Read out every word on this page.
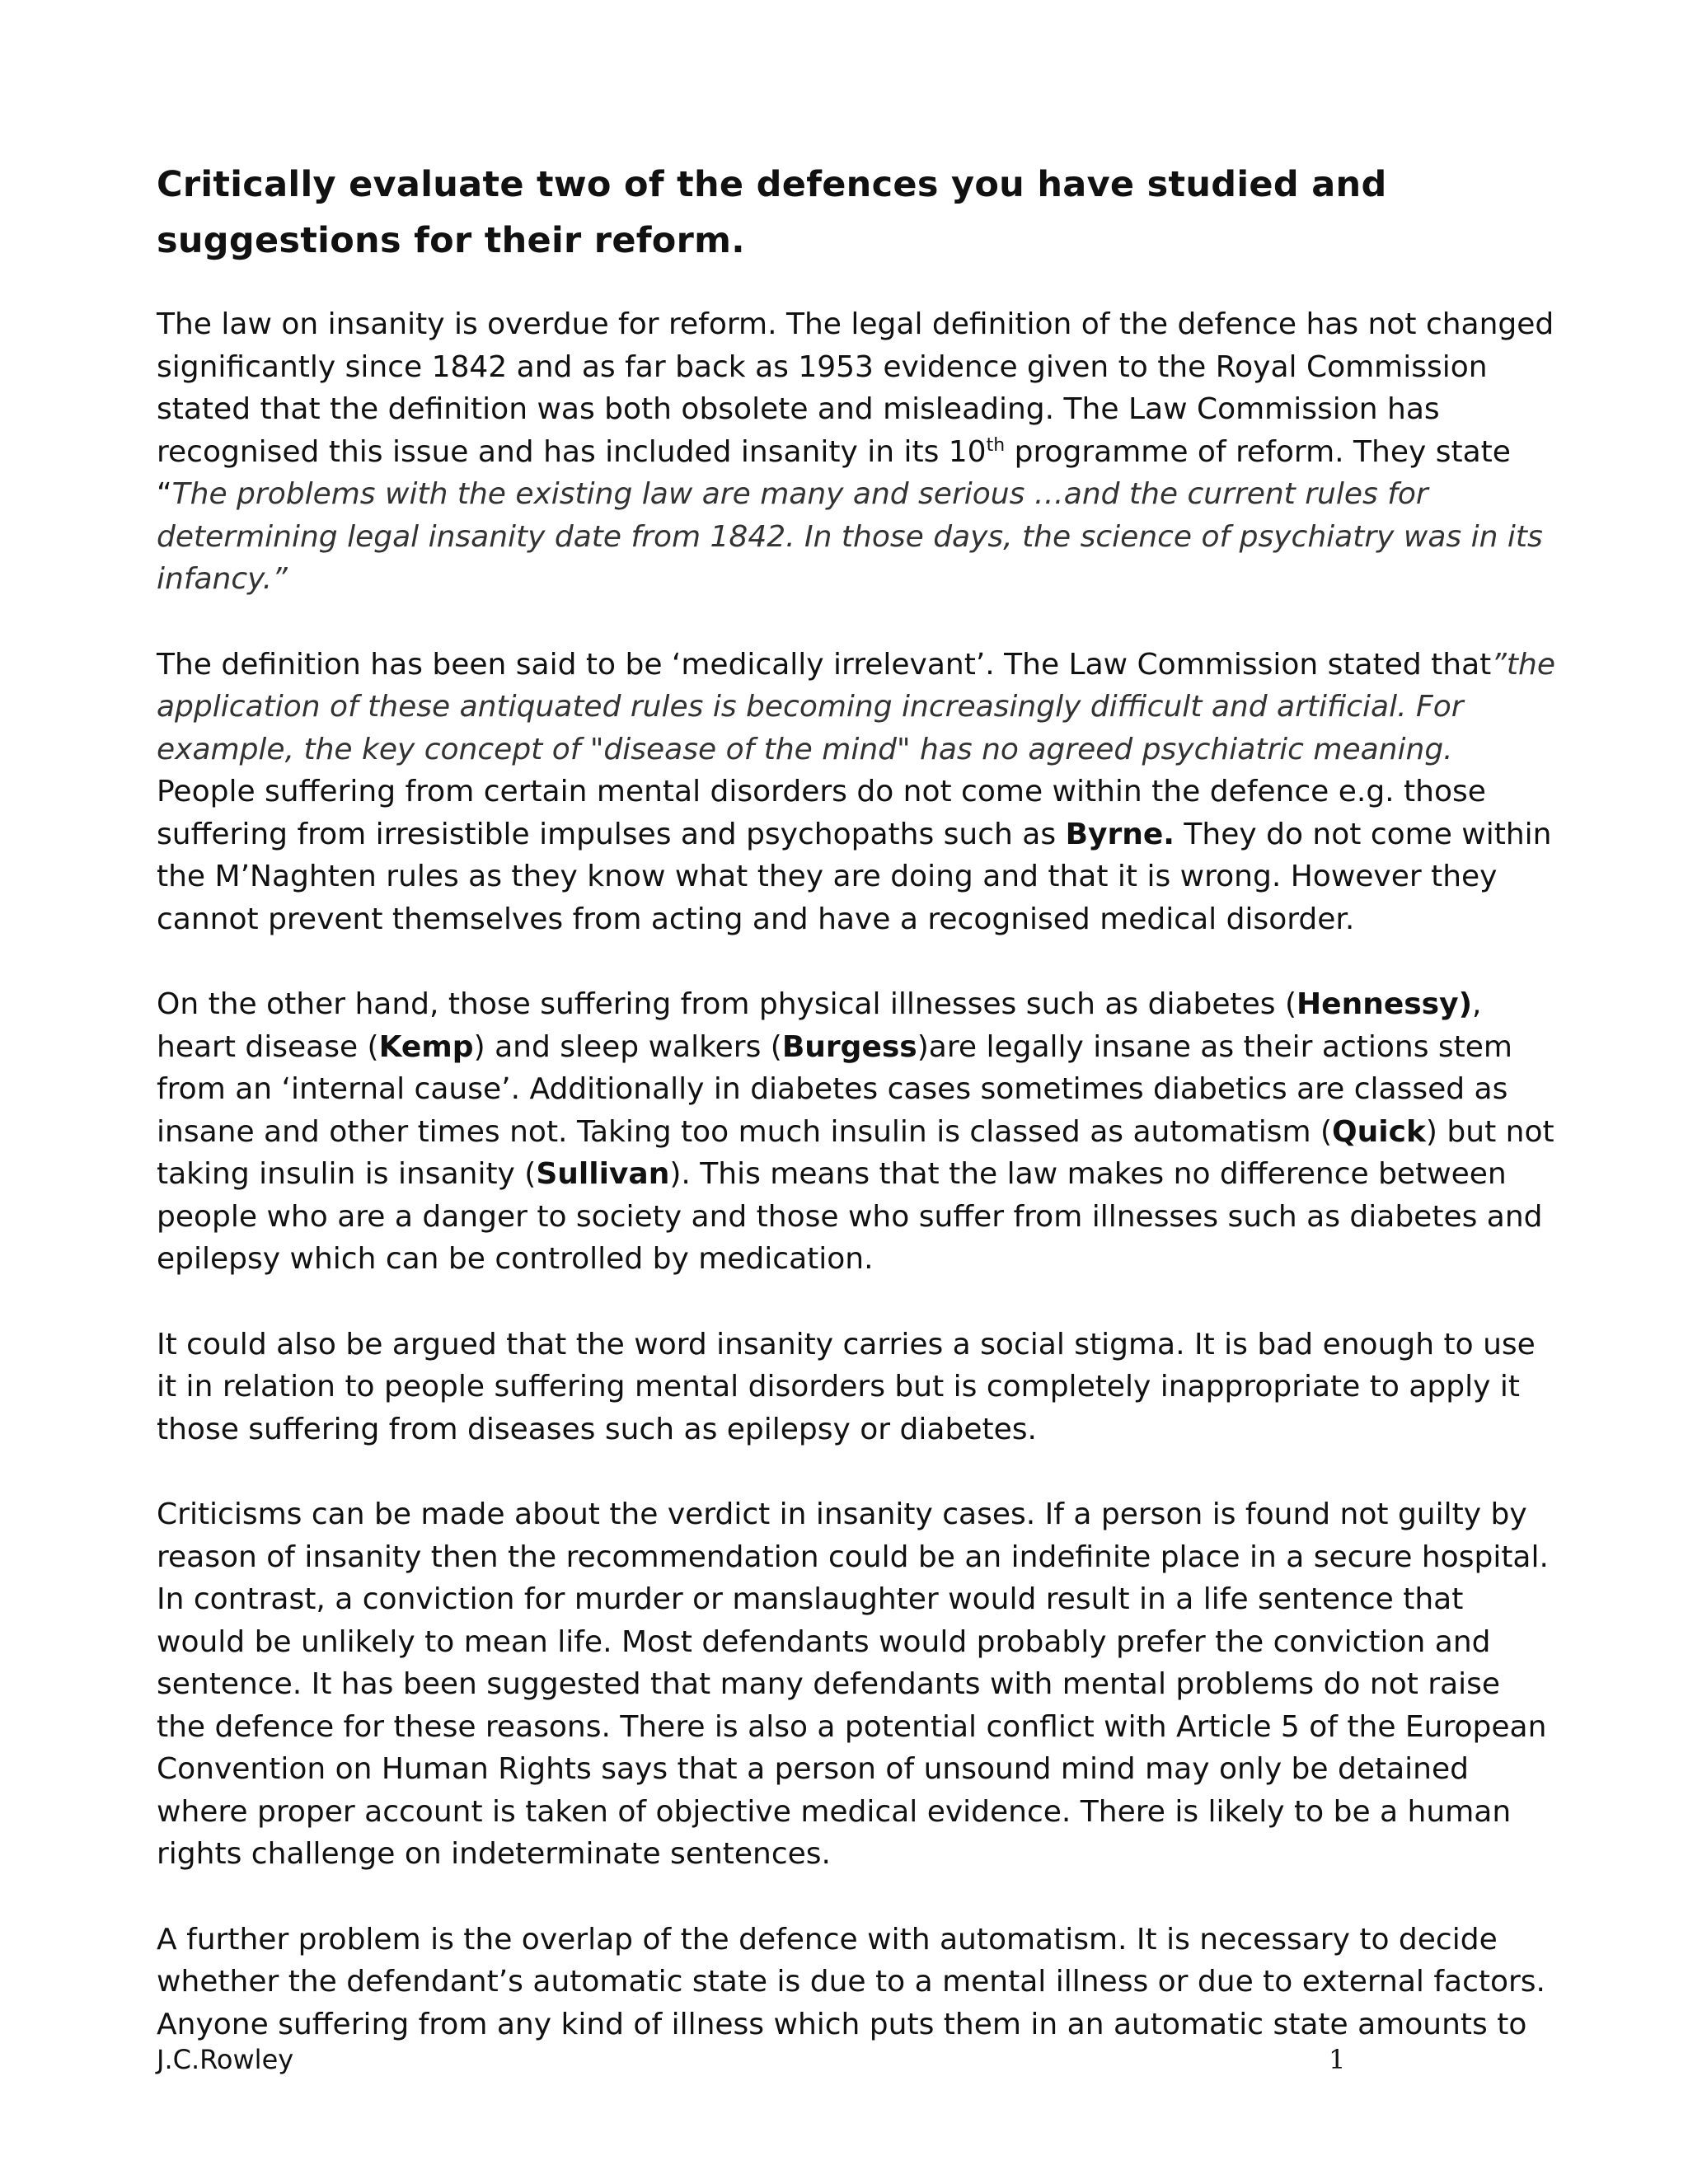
Critically evaluate two of the defences you have studied and suggestions for their reform.

The law on insanity is overdue for reform. The legal definition of the defence has not changed significantly since 1842 and as far back as 1953 evidence given to the Royal Commission stated that the definition was both obsolete and misleading. The Law Commission has recognised this issue and has included insanity in its 10th programme of reform. They state “The problems with the existing law are many and serious …and the current rules for determining legal insanity date from 1842. In those days, the science of psychiatry was in its infancy.”

The definition has been said to be ‘medically irrelevant’. The Law Commission stated that”the application of these antiquated rules is becoming increasingly difficult and artificial. For example, the key concept of "disease of the mind" has no agreed psychiatric meaning. People suffering from certain mental disorders do not come within the defence e.g. those suffering from irresistible impulses and psychopaths such as Byrne. They do not come within the M’Naghten rules as they know what they are doing and that it is wrong. However they cannot prevent themselves from acting and have a recognised medical disorder.

On the other hand, those suffering from physical illnesses such as diabetes (Hennessy), heart disease (Kemp) and sleep walkers (Burgess)are legally insane as their actions stem from an ‘internal cause’. Additionally in diabetes cases sometimes diabetics are classed as insane and other times not. Taking too much insulin is classed as automatism (Quick) but not taking insulin is insanity (Sullivan). This means that the law makes no difference between people who are a danger to society and those who suffer from illnesses such as diabetes and epilepsy which can be controlled by medication.

It could also be argued that the word insanity carries a social stigma. It is bad enough to use it in relation to people suffering mental disorders but is completely inappropriate to apply it those suffering from diseases such as epilepsy or diabetes.

Criticisms can be made about the verdict in insanity cases. If a person is found not guilty by reason of insanity then the recommendation could be an indefinite place in a secure hospital. In contrast, a conviction for murder or manslaughter would result in a life sentence that would be unlikely to mean life. Most defendants would probably prefer the conviction and sentence. It has been suggested that many defendants with mental problems do not raise the defence for these reasons. There is also a potential conflict with Article 5 of the European Convention on Human Rights says that a person of unsound mind may only be detained where proper account is taken of objective medical evidence. There is likely to be a human rights challenge on indeterminate sentences.

A further problem is the overlap of the defence with automatism. It is necessary to decide whether the defendant’s automatic state is due to a mental illness or due to external factors. Anyone suffering from any kind of illness which puts them in an automatic state amounts to

J.C.Rowley	1
